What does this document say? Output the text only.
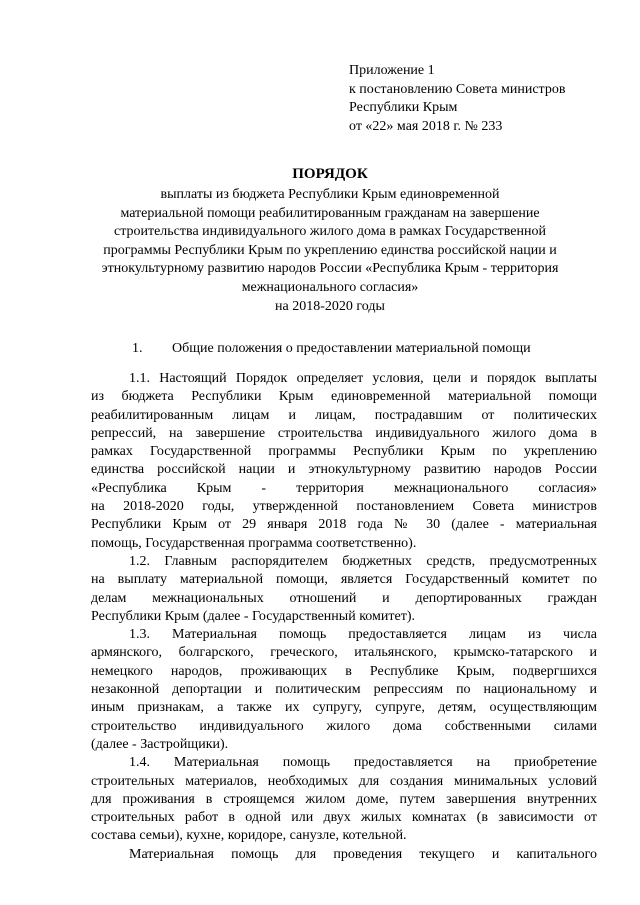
Приложение 1
к постановлению Совета министров
Республики Крым
от «22» мая 2018 г. № 233
ПОРЯДОК
выплаты из бюджета Республики Крым единовременной
материальной помощи реабилитированным гражданам на завершение
строительства индивидуального жилого дома в рамках Государственной
программы Республики Крым по укреплению единства российской нации и
этнокультурному развитию народов России «Республика Крым - территория
межнационального согласия»
на 2018-2020 годы
1. Общие положения о предоставлении материальной помощи
1.1. Настоящий Порядок определяет условия, цели и порядок выплаты
из бюджета Республики Крым единовременной материальной помощи
реабилитированным лицам и лицам, пострадавшим от политических
репрессий, на завершение строительства индивидуального жилого дома в
рамках Государственной программы Республики Крым по укреплению
единства российской нации и этнокультурному развитию народов России
«Республика Крым - территория межнационального согласия»
на 2018-2020 годы, утвержденной постановлением Совета министров
Республики Крым от 29 января 2018 года № 30 (далее - материальная
помощь, Государственная программа соответственно).
1.2. Главным распорядителем бюджетных средств, предусмотренных
на выплату материальной помощи, является Государственный комитет по
делам межнациональных отношений и депортированных граждан
Республики Крым (далее - Государственный комитет).
1.3. Материальная помощь предоставляется лицам из числа
армянского, болгарского, греческого, итальянского, крымско-татарского и
немецкого народов, проживающих в Республике Крым, подвергшихся
незаконной депортации и политическим репрессиям по национальному и
иным признакам, а также их супругу, супруге, детям, осуществляющим
строительство индивидуального жилого дома собственными силами
(далее - Застройщики).
1.4. Материальная помощь предоставляется на приобретение
строительных материалов, необходимых для создания минимальных условий
для проживания в строящемся жилом доме, путем завершения внутренних
строительных работ в одной или двух жилых комнатах (в зависимости от
состава семьи), кухне, коридоре, санузле, котельной.
Материальная помощь для проведения текущего и капитального
